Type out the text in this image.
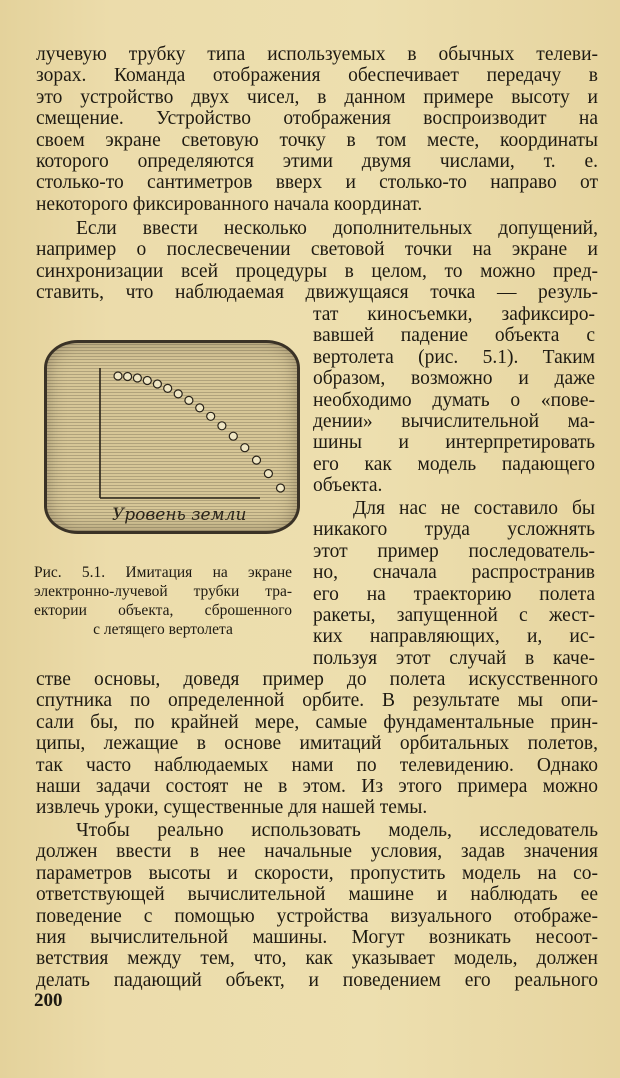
лучевую трубку типа используемых в обычных телеви-
зорах. Команда отображения обеспечивает передачу в
это устройство двух чисел, в данном примере высоту и
смещение. Устройство отображения воспроизводит на
своем экране световую точку в том месте, координаты
которого определяются этими двумя числами, т. е.
столько-то сантиметров вверх и столько-то направо от
некоторого фиксированного начала координат.
Если ввести несколько дополнительных допущений,
например о послесвечении световой точки на экране и
синхронизации всей процедуры в целом, то можно пред-
ставить, что наблюдаемая движущаяся точка — резуль-
тат киносъемки, зафиксиро-
вавшей падение объекта с
вертолета (рис. 5.1). Таким
образом, возможно и даже
необходимо думать о «пове-
дении» вычислительной ма-
шины и интерпретировать
его как модель падающего
объекта.
Для нас не составило бы
никакого труда усложнять
этот пример последователь-
но, сначала распространив
его на траекторию полета
ракеты, запущенной с жест-
ких направляющих, и, ис-
пользуя этот случай в каче-
стве основы, доведя пример до полета искусственного
спутника по определенной орбите. В результате мы опи-
сали бы, по крайней мере, самые фундаментальные прин-
ципы, лежащие в основе имитаций орбитальных полетов,
так часто наблюдаемых нами по телевидению. Однако
наши задачи состоят не в этом. Из этого примера можно
извлечь уроки, существенные для нашей темы.
Чтобы реально использовать модель, исследователь
должен ввести в нее начальные условия, задав значения
параметров высоты и скорости, пропустить модель на со-
ответствующей вычислительной машине и наблюдать ее
поведение с помощью устройства визуального отображе-
ния вычислительной машины. Могут возникать несоот-
ветствия между тем, что, как указывает модель, должен
делать падающий объект, и поведением его реального
Уровень земли
Рис. 5.1. Имитация на экране
электронно-лучевой трубки тра-
ектории объекта, сброшенного
с летящего вертолета
200
